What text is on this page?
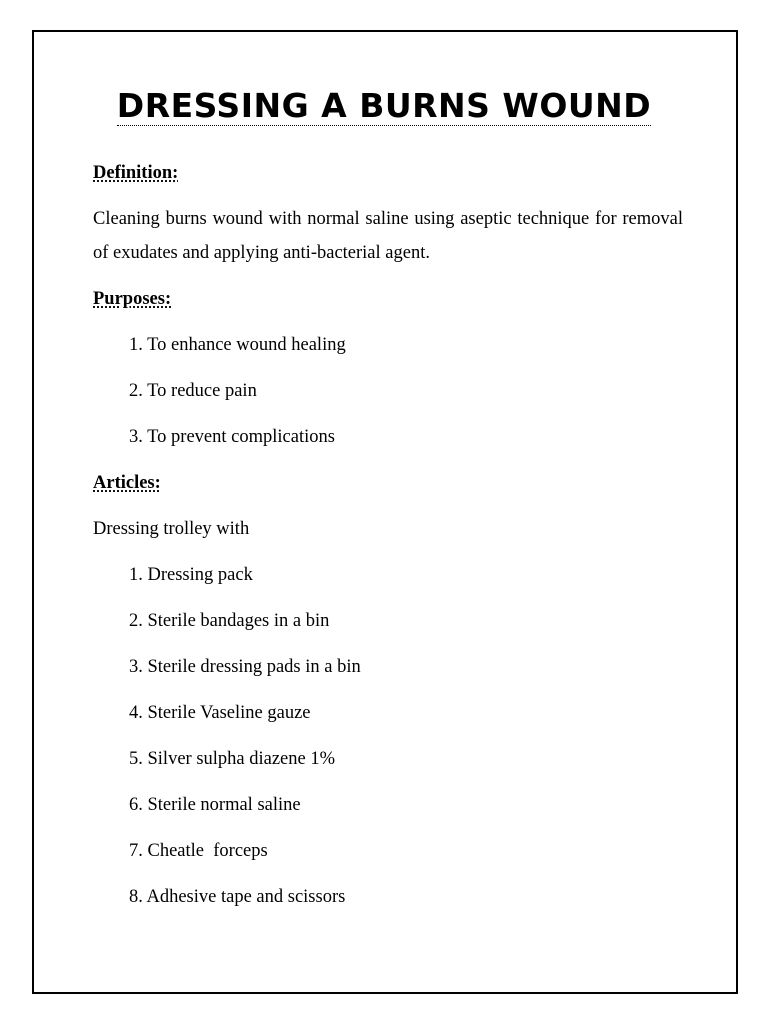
DRESSING A BURNS WOUND
Definition:
Cleaning burns wound with normal saline using aseptic technique for removal of exudates and applying anti-bacterial agent.
Purposes:
1. To enhance wound healing
2. To reduce pain
3. To prevent complications
Articles:
Dressing trolley with
1. Dressing pack
2. Sterile bandages in a bin
3. Sterile dressing pads in a bin
4. Sterile Vaseline gauze
5. Silver sulpha diazene 1%
6. Sterile normal saline
7. Cheatle  forceps
8. Adhesive tape and scissors
